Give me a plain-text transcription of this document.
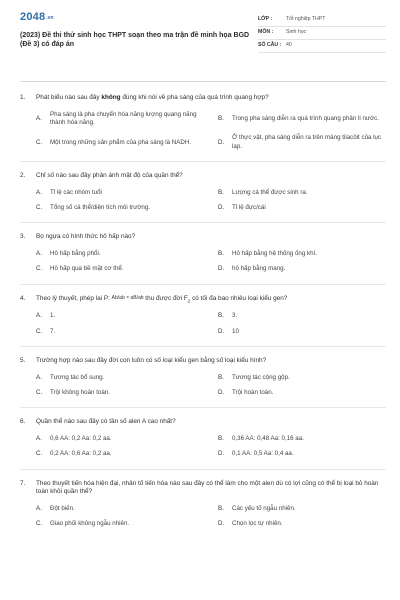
2048 .vn
(2023) Đề thi thử sinh học THPT soạn theo ma trận đề minh họa BGD (Đề 3) có đáp án
LỚP :	Tốt nghiệp THPT
MÔN :	Sinh học
SỐ CÂU : 40
1.	Phát biểu nào sau đây không đúng khi nói về pha sáng của quá trình quang hợp?
A.
Pha sáng là pha chuyển hóa năng lượng quang năng thành hóa năng.
B.	Trong pha sáng diễn ra quá trình quang phân li nước.
C.	Một trong những sản phẩm của pha sáng là NADH.	D.
Ở thực vật, pha sáng diễn ra trên màng tilacôit của lục lạp.
2.	Chỉ số nào sau đây phản ánh mật độ của quần thể?
A.	Tỉ lệ các nhóm tuổi	B.	Lượng cá thể được sinh ra.
C.	Tổng số cá thể/diện tích môi trường.	D.	Tỉ lệ đực/cái
3.	Bọ ngựa có hình thức hô hấp nào?
A.	Hô hấp bằng phổi.	B.	Hô hấp bằng hệ thống ống khí.
C.	Hô hấp qua bề mặt cơ thể.	D.	hô hấp bằng mang.
4.	Theo lý thuyết, phép lai P: Ab/ab × aB/ab thu được đời $F_2$ có tối đa bao nhiêu loại kiểu gen?
A.	1.	B.	3.
C.	7.	D.	10
5.	Trường hợp nào sau đây đời con luôn có số loại kiểu gen bằng số loại kiểu hình?
A.	Tương tác bổ sung.	B.	Tương tác cộng gộp.
C.	Trội không hoàn toàn.	D.	Trội hoàn toàn.
6.	Quần thể nào sau đây có tần số alen A cao nhất?
A.	0,6 AA: 0,2 Aa: 0,2 aa.	B.	0,36 AA: 0,48 Aa: 0,16 aa.
C.	0,2 AA: 0,6 Aa: 0,2 aa.	D.	0,1 AA: 0,5 Aa: 0,4 aa.
7.	Theo thuyết tiến hóa hiện đại, nhân tố tiến hóa nào sau đây có thể làm cho một alen dù có lợi cũng có thể bị loại bỏ hoàn toàn khỏi quần thể?
A.	Đột biến.	B.	Các yếu tố ngẫu nhiên.
C.	Giao phối không ngẫu nhiên.	D.	Chọn lọc tự nhiên.
